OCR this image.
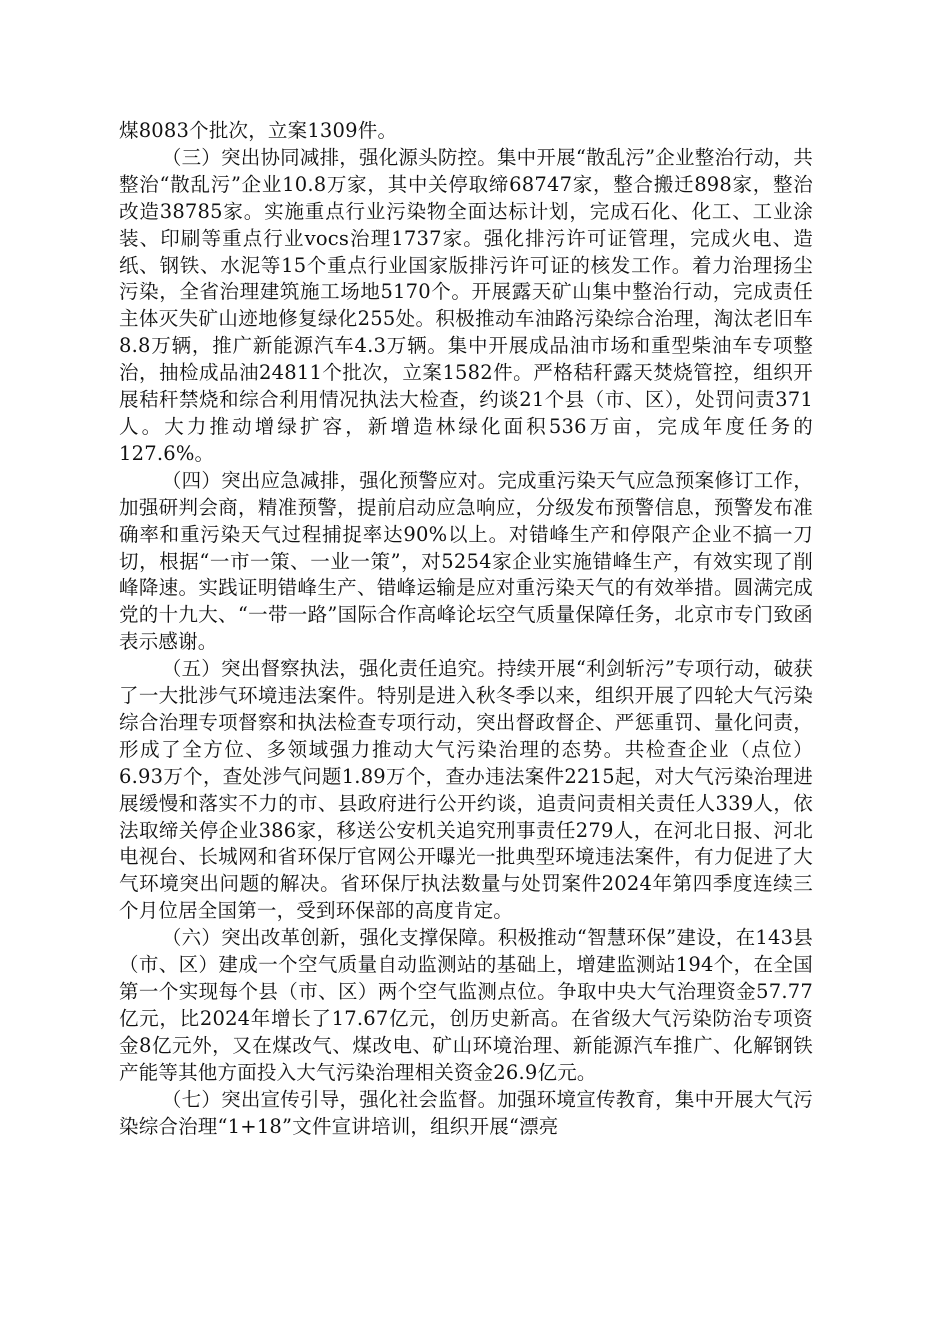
煤8083个批次，立案1309件。

（三）突出协同减排，强化源头防控。集中开展“散乱污”企业整治行动，共整治“散乱污”企业10.8万家，其中关停取缔68747家，整合搬迁898家，整治改造38785家。实施重点行业污染物全面达标计划，完成石化、化工、工业涂装、印刷等重点行业vocs治理1737家。强化排污许可证管理，完成火电、造纸、钢铁、水泥等15个重点行业国家版排污许可证的核发工作。着力治理扬尘污染，全省治理建筑施工场地5170个。开展露天矿山集中整治行动，完成责任主体灭失矿山迹地修复绿化255处。积极推动车油路污染综合治理，淘汰老旧车8.8万辆，推广新能源汽车4.3万辆。集中开展成品油市场和重型柴油车专项整治，抽检成品油24811个批次，立案1582件。严格秸秆露天焚烧管控，组织开展秸秆禁烧和综合利用情况执法大检查，约谈21个县（市、区），处罚问责371人。大力推动增绿扩容，新增造林绿化面积536万亩，完成年度任务的127.6%。

（四）突出应急减排，强化预警应对。完成重污染天气应急预案修订工作，加强研判会商，精准预警，提前启动应急响应，分级发布预警信息，预警发布准确率和重污染天气过程捕捉率达90%以上。对错峰生产和停限产企业不搞一刀切，根据“一市一策、一业一策”，对5254家企业实施错峰生产，有效实现了削峰降速。实践证明错峰生产、错峰运输是应对重污染天气的有效举措。圆满完成党的十九大、“一带一路”国际合作高峰论坛空气质量保障任务，北京市专门致函表示感谢。

（五）突出督察执法，强化责任追究。持续开展“利剑斩污”专项行动，破获了一大批涉气环境违法案件。特别是进入秋冬季以来，组织开展了四轮大气污染综合治理专项督察和执法检查专项行动，突出督政督企、严惩重罚、量化问责，形成了全方位、多领域强力推动大气污染治理的态势。共检查企业（点位）6.93万个，查处涉气问题1.89万个，查办违法案件2215起，对大气污染治理进展缓慢和落实不力的市、县政府进行公开约谈，追责问责相关责任人339人，依法取缔关停企业386家，移送公安机关追究刑事责任279人，在河北日报、河北电视台、长城网和省环保厅官网公开曝光一批典型环境违法案件，有力促进了大气环境突出问题的解决。省环保厅执法数量与处罚案件2024年第四季度连续三个月位居全国第一，受到环保部的高度肯定。

（六）突出改革创新，强化支撑保障。积极推动“智慧环保”建设，在143县（市、区）建成一个空气质量自动监测站的基础上，增建监测站194个，在全国第一个实现每个县（市、区）两个空气监测点位。争取中央大气治理资金57.77亿元，比2024年增长了17.67亿元，创历史新高。在省级大气污染防治专项资金8亿元外，又在煤改气、煤改电、矿山环境治理、新能源汽车推广、化解钢铁产能等其他方面投入大气污染治理相关资金26.9亿元。

（七）突出宣传引导，强化社会监督。加强环境宣传教育，集中开展大气污染综合治理“1+18”文件宣讲培训，组织开展“漂亮
